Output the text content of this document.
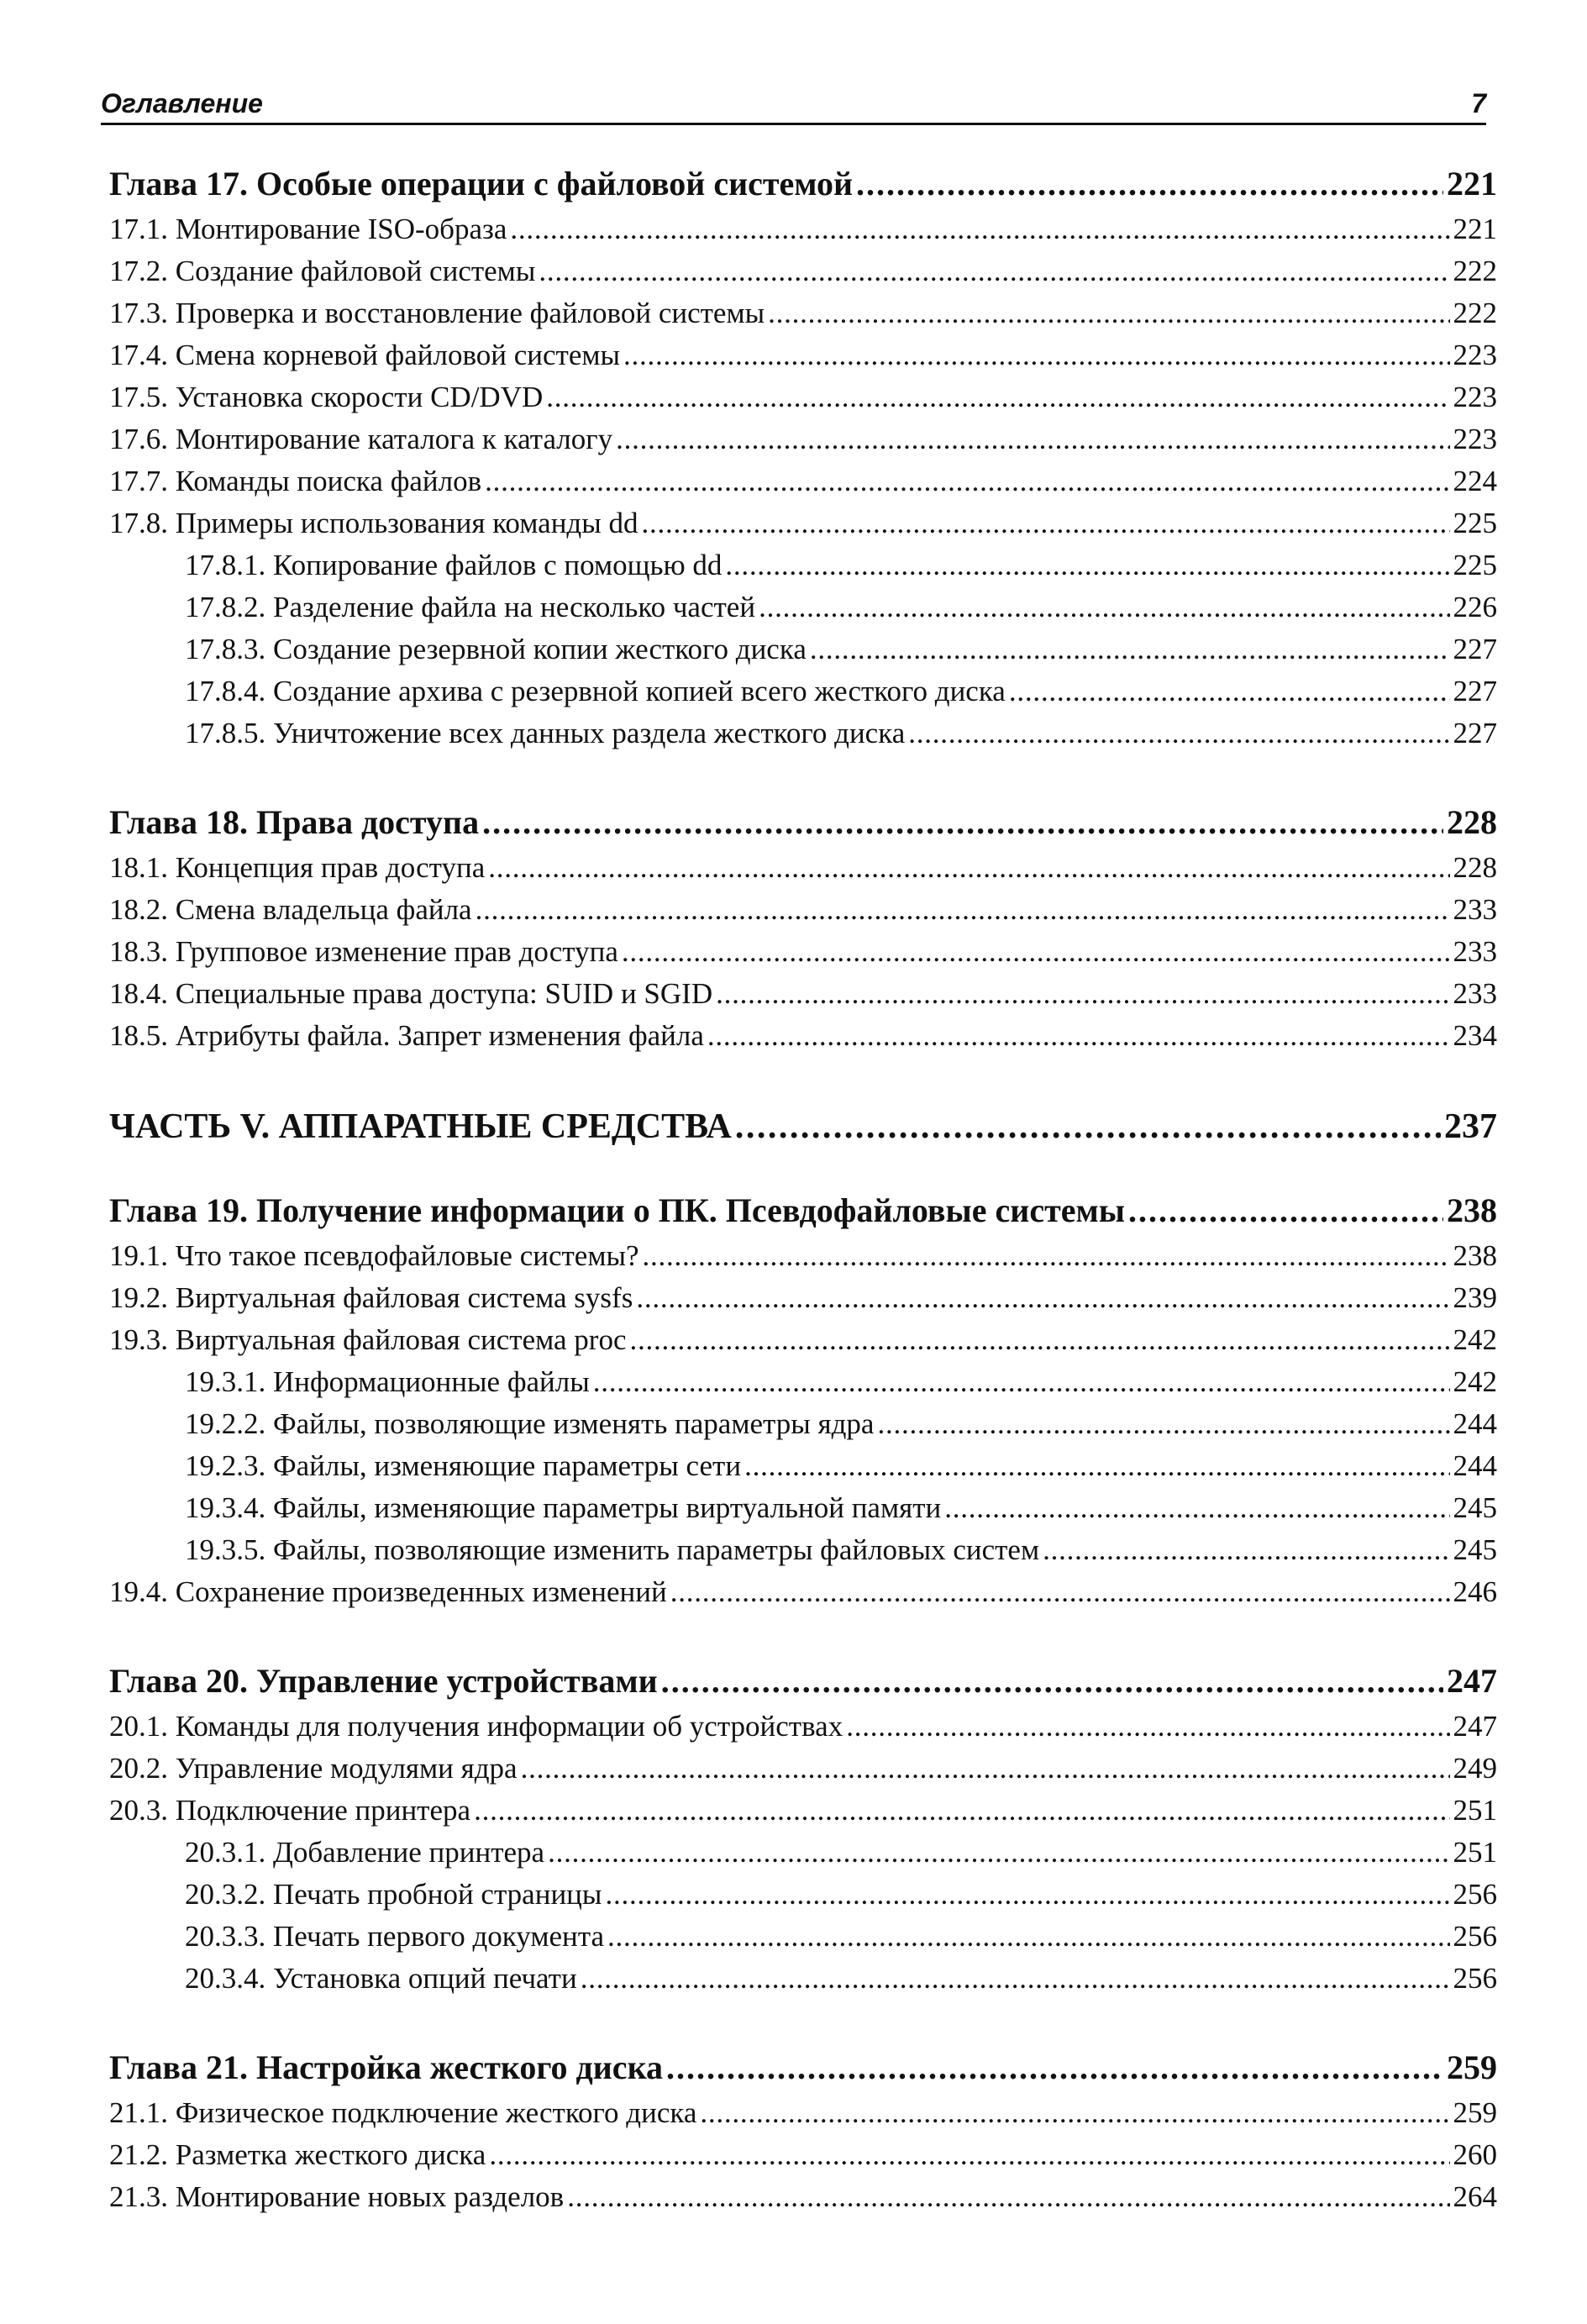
Оглавление	7
Глава 17. Особые операции с файловой системой . . .	221
17.1. Монтирование ISO-образа . . .	221
17.2. Создание файловой системы . . .	222
17.3. Проверка и восстановление файловой системы . . .	222
17.4. Смена корневой файловой системы . . .	223
17.5. Установка скорости CD/DVD . . .	223
17.6. Монтирование каталога к каталогу . . .	223
17.7. Команды поиска файлов . . .	224
17.8. Примеры использования команды dd . . .	225
17.8.1. Копирование файлов с помощью dd . . .	225
17.8.2. Разделение файла на несколько частей . . .	226
17.8.3. Создание резервной копии жесткого диска . . .	227
17.8.4. Создание архива с резервной копией всего жесткого диска . . .	227
17.8.5. Уничтожение всех данных раздела жесткого диска . . .	227
Глава 18. Права доступа . . .	228
18.1. Концепция прав доступа . . .	228
18.2. Смена владельца файла . . .	233
18.3. Групповое изменение прав доступа . . .	233
18.4. Специальные права доступа: SUID и SGID . . .	233
18.5. Атрибуты файла. Запрет изменения файла . . .	234
ЧАСТЬ V. АППАРАТНЫЕ СРЕДСТВА . . .	237
Глава 19. Получение информации о ПК. Псевдофайловые системы . . .	238
19.1. Что такое псевдофайловые системы? . . .	238
19.2. Виртуальная файловая система sysfs . . .	239
19.3. Виртуальная файловая система proc . . .	242
19.3.1. Информационные файлы . . .	242
19.2.2. Файлы, позволяющие изменять параметры ядра . . .	244
19.2.3. Файлы, изменяющие параметры сети . . .	244
19.3.4. Файлы, изменяющие параметры виртуальной памяти . . .	245
19.3.5. Файлы, позволяющие изменить параметры файловых систем . . .	245
19.4. Сохранение произведенных изменений . . .	246
Глава 20. Управление устройствами . . .	247
20.1. Команды для получения информации об устройствах . . .	247
20.2. Управление модулями ядра . . .	249
20.3. Подключение принтера . . .	251
20.3.1. Добавление принтера . . .	251
20.3.2. Печать пробной страницы . . .	256
20.3.3. Печать первого документа . . .	256
20.3.4. Установка опций печати . . .	256
Глава 21. Настройка жесткого диска . . .	259
21.1. Физическое подключение жесткого диска . . .	259
21.2. Разметка жесткого диска . . .	260
21.3. Монтирование новых разделов . . .	264
